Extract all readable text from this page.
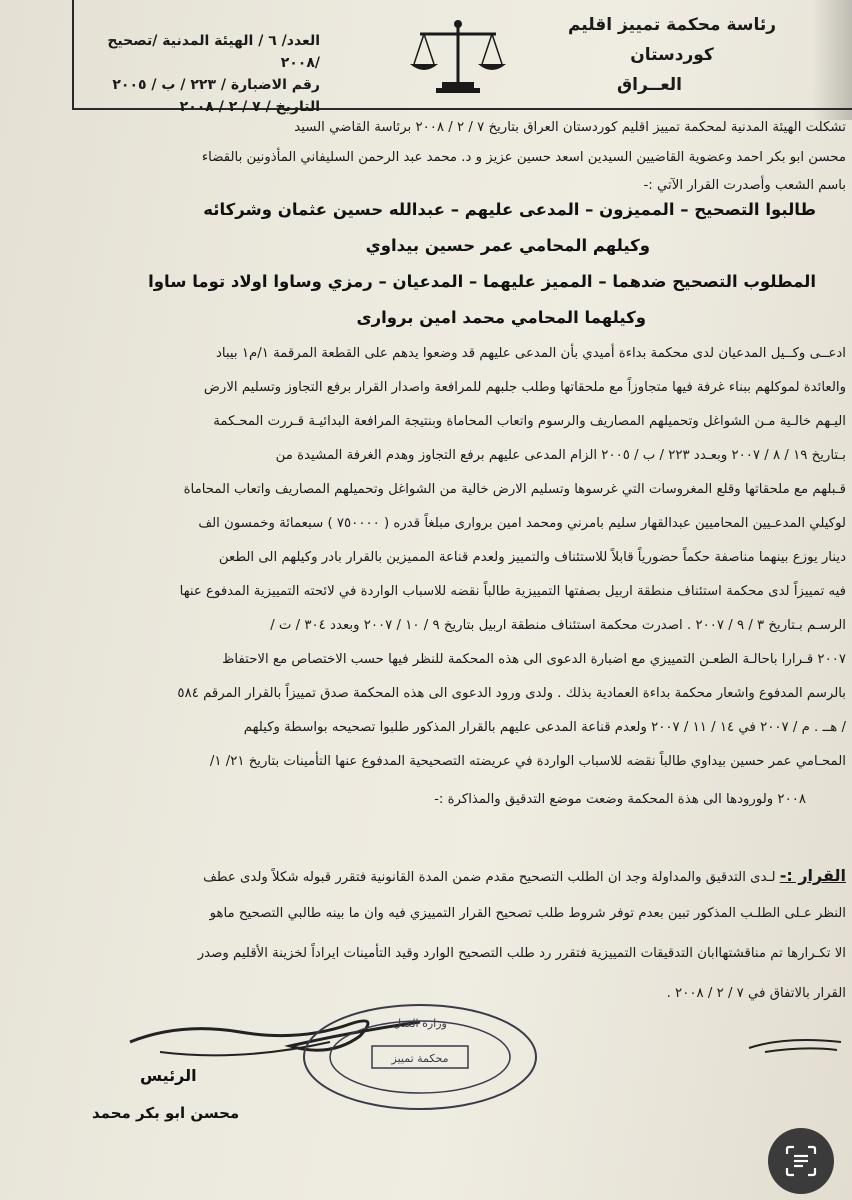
رئاسة محكمة تمييز اقليم كوردستان
العــراق
العدد/ ٦ / الهيئة المدنية /تصحيح /٢٠٠٨
رقم الاضبارة / ٢٢٣ / ب / ٢٠٠٥
التاريخ / ٧ / ٢ / ٢٠٠٨
تشكلت الهيئة المدنية لمحكمة تمييز اقليم كوردستان العراق بتاريخ ٧ / ٢ / ٢٠٠٨ برئاسة القاضي السيد
محسن ابو بكر احمد وعضوية القاضيين السيدين اسعد حسين عزيز و د. محمد عبد الرحمن السليفاني المأذونين بالقضاء
باسم الشعب وأصدرت القرار الآتي :-
طالبوا التصحيح – المميزون – المدعى عليهم – عبدالله حسين عثمان وشركائه
وكيلهم المحامي عمر حسين بيداوي
المطلوب التصحيح ضدهما – المميز عليهما – المدعيان – رمزي وساوا اولاد توما ساوا
وكيلهما المحامي محمد امين بروارى
ادعــى وكــيل المدعيان لدى محكمة بداءة أميدي بأن المدعى عليهم قد وضعوا يدهم على القطعة المرقمة ١/م١ بيباد
والعائدة لموكلهم ببناء غرفة فيها متجاوزاً مع ملحقاتها وطلب جلبهم للمرافعة واصدار القرار برفع التجاوز وتسليم الارض
اليـهم خالـية مـن الشواغل وتحميلهم المصاريف والرسوم واتعاب المحاماة وبنتيجة المرافعة البدائيـة قـررت المحـكمة
بـتاريخ ١٩ / ٨ / ٢٠٠٧ وبعـدد ٢٢٣ / ب / ٢٠٠٥ الزام المدعى عليهم برفع التجاوز وهدم الغرفة المشيدة من
قـبلهم مع ملحقاتها وقلع المغروسات التي غرسوها وتسليم الارض خالية من الشواغل وتحميلهم المصاريف واتعاب المحاماة
لوكيلي المدعـيين المحاميين عبدالقهار سليم بامرني ومحمد امين بروارى مبلغاً قدره ( ٧٥٠٠٠٠ ) سبعمائة وخمسون الف
دينار يوزع بينهما مناصفة حكماً حضورياً قابلاً للاستئناف والتمييز ولعدم قناعة المميزين بالقرار بادر وكيلهم الى الطعن
فيه تمييزاً لدى محكمة استئناف منطقة اربيل بصفتها التمييزية طالباً نقضه للاسباب الواردة في لائحته التمييزية المدفوع عنها
الرسـم بـتاريخ ٣ / ٩ / ٢٠٠٧ . اصدرت محكمة استئناف منطقة اربيل بتاريخ ٩ / ١٠ / ٢٠٠٧ وبعدد ٣٠٤ / ت /
٢٠٠٧ قـرارا باحالـة الطعـن التمييزي مع اضبارة الدعوى الى هذه المحكمة للنظر فيها حسب الاختصاص مع الاحتفاظ
بالرسم المدفوع واشعار محكمة بداءة العمادية بذلك . ولدى ورود الدعوى الى هذه المحكمة صدق تمييزاً بالقرار المرقم ٥٨٤
/ هــ . م / ٢٠٠٧ في ١٤ / ١١ / ٢٠٠٧ ولعدم قناعة المدعى عليهم بالقرار المذكور طلبوا تصحيحه بواسطة وكيلهم
المحـامي عمر حسين بيداوي طالباً نقضه للاسباب الواردة في عريضته التصحيحية المدفوع عنها التأمينات بتاريخ ٢١/ ١/
٢٠٠٨ ولورودها الى هذة المحكمة وضعت موضع التدقيق والمذاكرة :-
القرار :- لـدى التدقيق والمداولة وجد ان الطلب التصحيح مقدم ضمن المدة القانونية فتقرر قبوله شكلاً ولدى عطف
النظر عـلى الطلـب المذكور تبين بعدم توفر شروط طلب تصحيح القرار التمييزي فيه وان ما بينه طالبي التصحيح ماهو
الا تكـرارها تم مناقشتهاابان التدقيقات التمييزية فتقرر رد طلب التصحيح الوارد وقيد التأمينات ايراداً لخزينة الأقليم وصدر
القرار بالاتفاق في ٧ / ٢ / ٢٠٠٨ .
وزارة العدل
محكمة تمييز
الرئيس
محسن ابو بكر محمد
